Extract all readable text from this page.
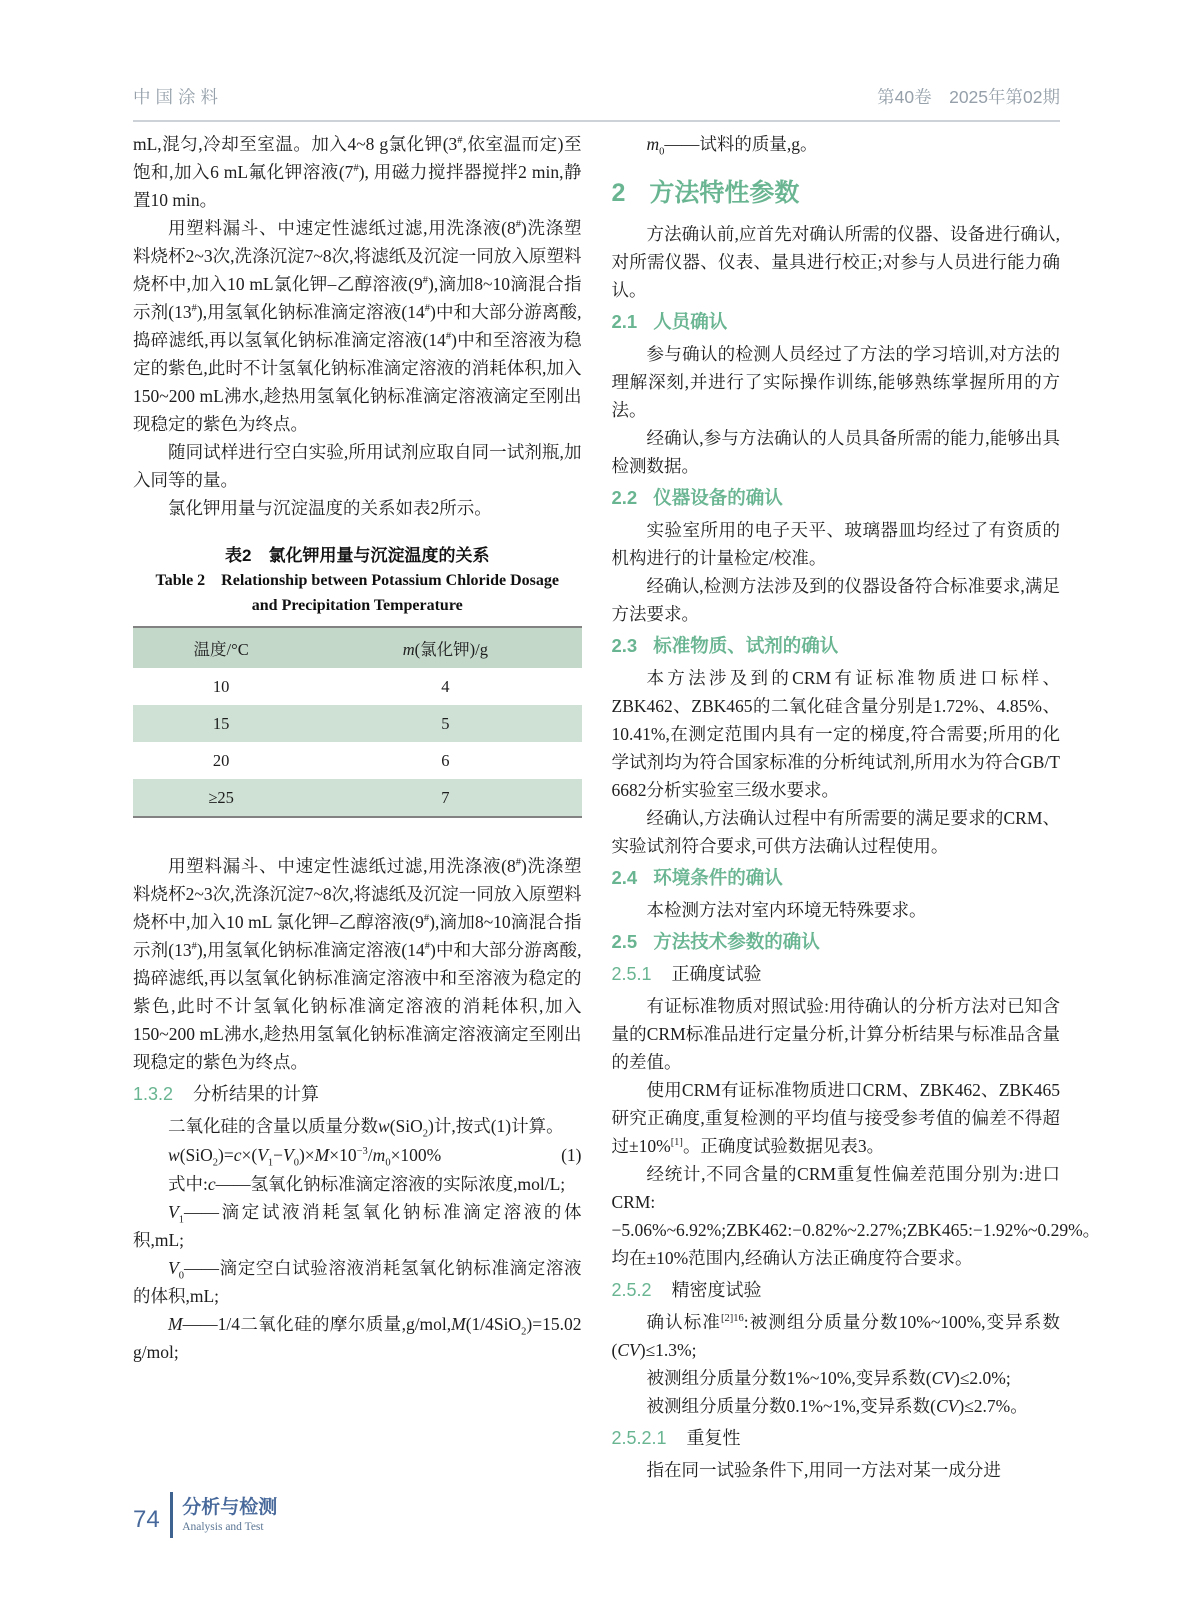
中国涂料	第40卷　2025年第02期

mL,混匀,冷却至室温。加入4~8 g氯化钾(3#,依室温而定)至饱和,加入6 mL氟化钾溶液(7#), 用磁力搅拌器搅拌2 min,静置10 min。

用塑料漏斗、中速定性滤纸过滤,用洗涤液(8#)洗涤塑料烧杯2~3次,洗涤沉淀7~8次,将滤纸及沉淀一同放入原塑料烧杯中,加入10 mL氯化钾–乙醇溶液(9#),滴加8~10滴混合指示剂(13#),用氢氧化钠标准滴定溶液(14#)中和大部分游离酸,捣碎滤纸,再以氢氧化钠标准滴定溶液(14#)中和至溶液为稳定的紫色,此时不计氢氧化钠标准滴定溶液的消耗体积,加入150~200 mL沸水,趁热用氢氧化钠标准滴定溶液滴定至刚出现稳定的紫色为终点。

随同试样进行空白实验,所用试剂应取自同一试剂瓶,加入同等的量。

氯化钾用量与沉淀温度的关系如表2所示。

表2　氯化钾用量与沉淀温度的关系
Table 2　Relationship between Potassium Chloride Dosage
and Precipitation Temperature
温度/°C	m(氯化钾)/g
10	4
15	5
20	6
≥25	7

用塑料漏斗、中速定性滤纸过滤,用洗涤液(8#)洗涤塑料烧杯2~3次,洗涤沉淀7~8次,将滤纸及沉淀一同放入原塑料烧杯中,加入10 mL 氯化钾–乙醇溶液(9#),滴加8~10滴混合指示剂(13#),用氢氧化钠标准滴定溶液(14#)中和大部分游离酸,捣碎滤纸,再以氢氧化钠标准滴定溶液中和至溶液为稳定的紫色,此时不计氢氧化钠标准滴定溶液的消耗体积,加入150~200 mL沸水,趁热用氢氧化钠标准滴定溶液滴定至刚出现稳定的紫色为终点。

1.3.2 分析结果的计算

二氧化硅的含量以质量分数w(SiO$_2$)计,按式(1)计算。

(1)
$w(SiO_2)=c\times(V_1-V_0)\times M\times 10^{-3}/m_0\times 100\%$

式中:c——氢氧化钠标准滴定溶液的实际浓度,mol/L;

$V_1——$滴定试液消耗氢氧化钠标准滴定溶液的体积,mL;

$V_0——$滴定空白试验溶液消耗氢氧化钠标准滴定溶液的体积,mL;

M——1/4二氧化硅的摩尔质量,g/mol,M(1/4SiO$_2$)=15.02 g/mol;

$m_0——$试料的质量,g。

2 方法特性参数

方法确认前,应首先对确认所需的仪器、设备进行确认,对所需仪器、仪表、量具进行校正;对参与人员进行能力确认。

2.1 人员确认

参与确认的检测人员经过了方法的学习培训,对方法的理解深刻,并进行了实际操作训练,能够熟练掌握所用的方法。

经确认,参与方法确认的人员具备所需的能力,能够出具检测数据。

2.2 仪器设备的确认

实验室所用的电子天平、玻璃器皿均经过了有资质的机构进行的计量检定/校准。

经确认,检测方法涉及到的仪器设备符合标准要求,满足方法要求。

2.3 标准物质、试剂的确认

本方法涉及到的CRM有证标准物质进口标样、ZBK462、ZBK465的二氧化硅含量分别是1.72%、4.85%、10.41%,在测定范围内具有一定的梯度,符合需要;所用的化学试剂均为符合国家标准的分析纯试剂,所用水为符合GB/T 6682分析实验室三级水要求。

经确认,方法确认过程中有所需要的满足要求的CRM、实验试剂符合要求,可供方法确认过程使用。

2.4 环境条件的确认

本检测方法对室内环境无特殊要求。

2.5 方法技术参数的确认
2.5.1 正确度试验

有证标准物质对照试验:用待确认的分析方法对已知含量的CRM标准品进行定量分析,计算分析结果与标准品含量的差值。

使用CRM有证标准物质进口CRM、ZBK462、ZBK465研究正确度,重复检测的平均值与接受参考值的偏差不得超过±10%[1]。正确度试验数据见表3。

经统计,不同含量的CRM重复性偏差范围分别为:进口CRM:−5.06%~6.92%;ZBK462:−0.82%~2.27%;ZBK465:−1.92%~0.29%。均在±10%范围内,经确认方法正确度符合要求。

2.5.2 精密度试验

确认标准$^{[2]16}$:被测组分质量分数10%~100%,变异系数(CV)≤1.3%;

被测组分质量分数1%~10%,变异系数(CV)≤2.0%;

被测组分质量分数0.1%~1%,变异系数(CV)≤2.7%。

2.5.2.1 重复性

指在同一试验条件下,用同一方法对某一成分进

74 分析与检测
Analysis and Test
